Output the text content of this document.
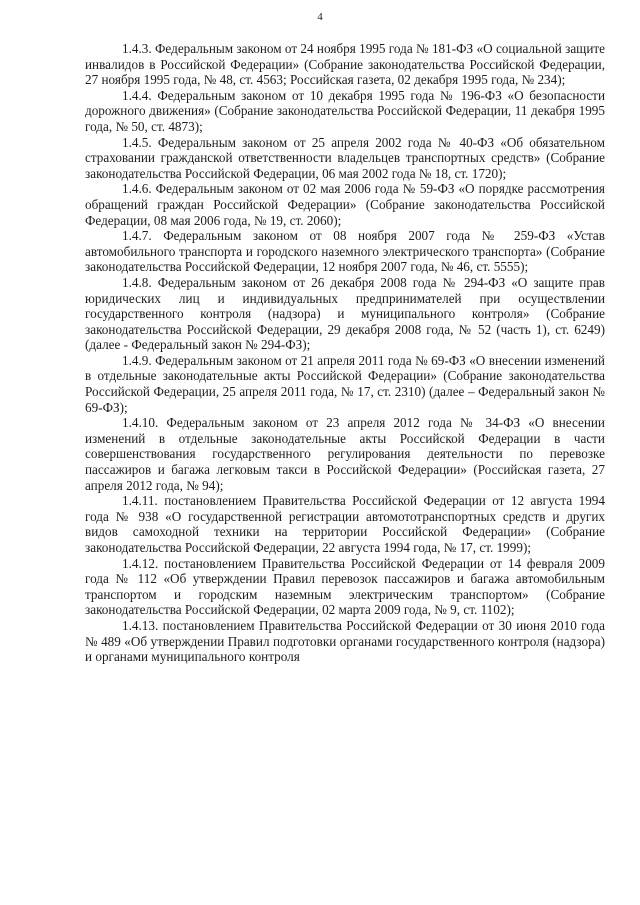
4

1.4.3. Федеральным законом от 24 ноября 1995 года № 181-ФЗ «О социальной защите инвалидов в Российской Федерации» (Собрание законодательства Российской Федерации, 27 ноября 1995 года, № 48, ст. 4563; Российская газета, 02 декабря 1995 года, № 234);

1.4.4. Федеральным законом от 10 декабря 1995 года № 196-ФЗ «О безопасности дорожного движения» (Собрание законодательства Российской Федерации, 11 декабря 1995 года, № 50, ст. 4873);

1.4.5. Федеральным законом от 25 апреля 2002 года № 40-ФЗ «Об обязательном страховании гражданской ответственности владельцев транспортных средств» (Собрание законодательства Российской Федерации, 06 мая 2002 года № 18, ст. 1720);

1.4.6. Федеральным законом от 02 мая 2006 года № 59-ФЗ «О порядке рассмотрения обращений граждан Российской Федерации» (Собрание законодательства Российской Федерации, 08 мая 2006 года, № 19, ст. 2060);

1.4.7. Федеральным законом от 08 ноября 2007 года № 259-ФЗ «Устав автомобильного транспорта и городского наземного электрического транспорта» (Собрание законодательства Российской Федерации, 12 ноября 2007 года, № 46, ст. 5555);

1.4.8. Федеральным законом от 26 декабря 2008 года № 294-ФЗ «О защите прав юридических лиц и индивидуальных предпринимателей при осуществлении государственного контроля (надзора) и муниципального контроля» (Собрание законодательства Российской Федерации, 29 декабря 2008 года, № 52 (часть 1), ст. 6249)(далее - Федеральный закон № 294-ФЗ);

1.4.9. Федеральным законом от 21 апреля 2011 года № 69-ФЗ «О внесении изменений в отдельные законодательные акты Российской Федерации» (Собрание законодательства Российской Федерации, 25 апреля 2011 года, № 17, ст. 2310) (далее – Федеральный закон № 69-ФЗ);

1.4.10. Федеральным законом от 23 апреля 2012 года № 34-ФЗ «О внесении изменений в отдельные законодательные акты Российской Федерации в части совершенствования государственного регулирования деятельности по перевозке пассажиров и багажа легковым такси в Российской Федерации» (Российская газета, 27 апреля 2012 года, № 94);

1.4.11. постановлением Правительства Российской Федерации от 12 августа 1994 года № 938 «О государственной регистрации автомототранспортных средств и других видов самоходной техники на территории Российской Федерации» (Собрание законодательства Российской Федерации, 22 августа 1994 года, № 17, ст. 1999);

1.4.12. постановлением Правительства Российской Федерации от 14 февраля 2009 года № 112 «Об утверждении Правил перевозок пассажиров и багажа автомобильным транспортом и городским наземным электрическим транспортом» (Собрание законодательства Российской Федерации, 02 марта 2009 года, № 9, ст. 1102);

1.4.13. постановлением Правительства Российской Федерации от 30 июня 2010 года № 489 «Об утверждении Правил подготовки органами государственного контроля (надзора) и органами муниципального контроля
